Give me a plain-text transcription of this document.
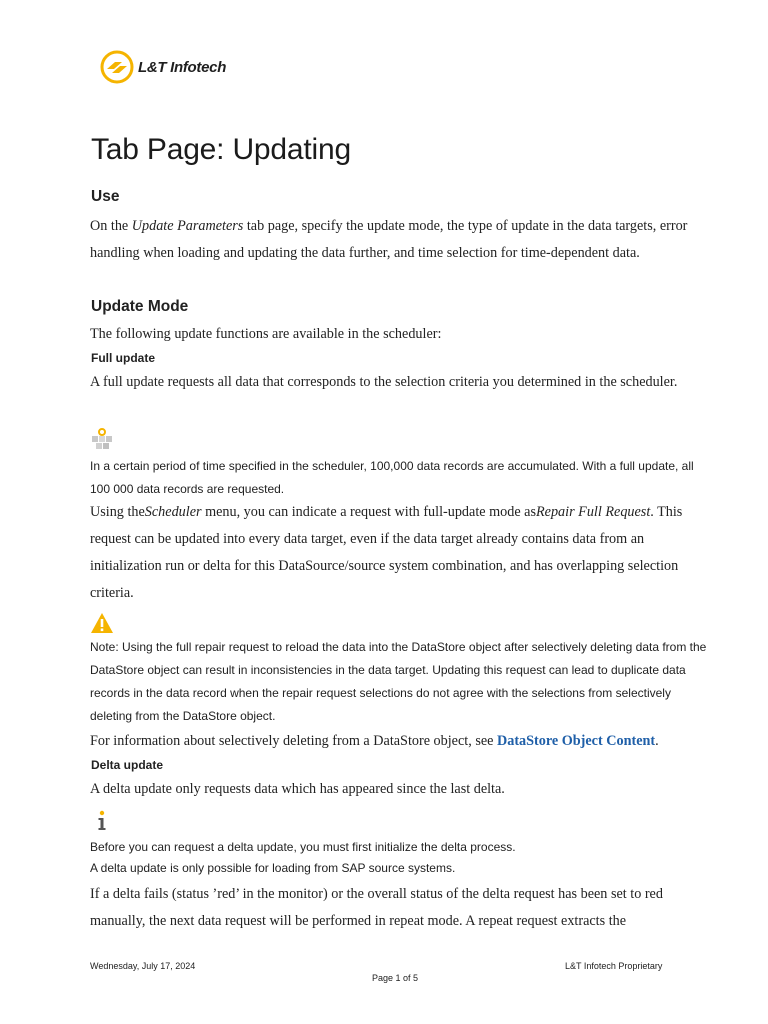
L&T Infotech
Tab Page: Updating
Use

On the Update Parameters tab page, specify the update mode, the type of update in the data targets, error handling when loading and updating the data further, and time selection for time-dependent data.

Update Mode

The following update functions are available in the scheduler:

Full update

A full update requests all data that corresponds to the selection criteria you determined in the scheduler.

In a certain period of time specified in the scheduler, 100,000 data records are accumulated. With a full update, all 100 000 data records are requested.

Using theScheduler menu, you can indicate a request with full-update mode asRepair Full Request. This request can be updated into every data target, even if the data target already contains data from an initialization run or delta for this DataSource/source system combination, and has overlapping selection criteria.

Note: Using the full repair request to reload the data into the DataStore object after selectively deleting data from the DataStore object can result in inconsistencies in the data target. Updating this request can lead to duplicate data records in the data record when the repair request selections do not agree with the selections from selectively deleting from the DataStore object.

For information about selectively deleting from a DataStore object, see DataStore Object Content.

Delta update

A delta update only requests data which has appeared since the last delta.

Before you can request a delta update, you must first initialize the delta process.

A delta update is only possible for loading from SAP source systems.

If a delta fails (status ’red’ in the monitor) or the overall status of the delta request has been set to red manually, the next data request will be performed in repeat mode. A repeat request extracts the

Wednesday, July 17, 2024	L&T Infotech Proprietary
Page 1 of 5
